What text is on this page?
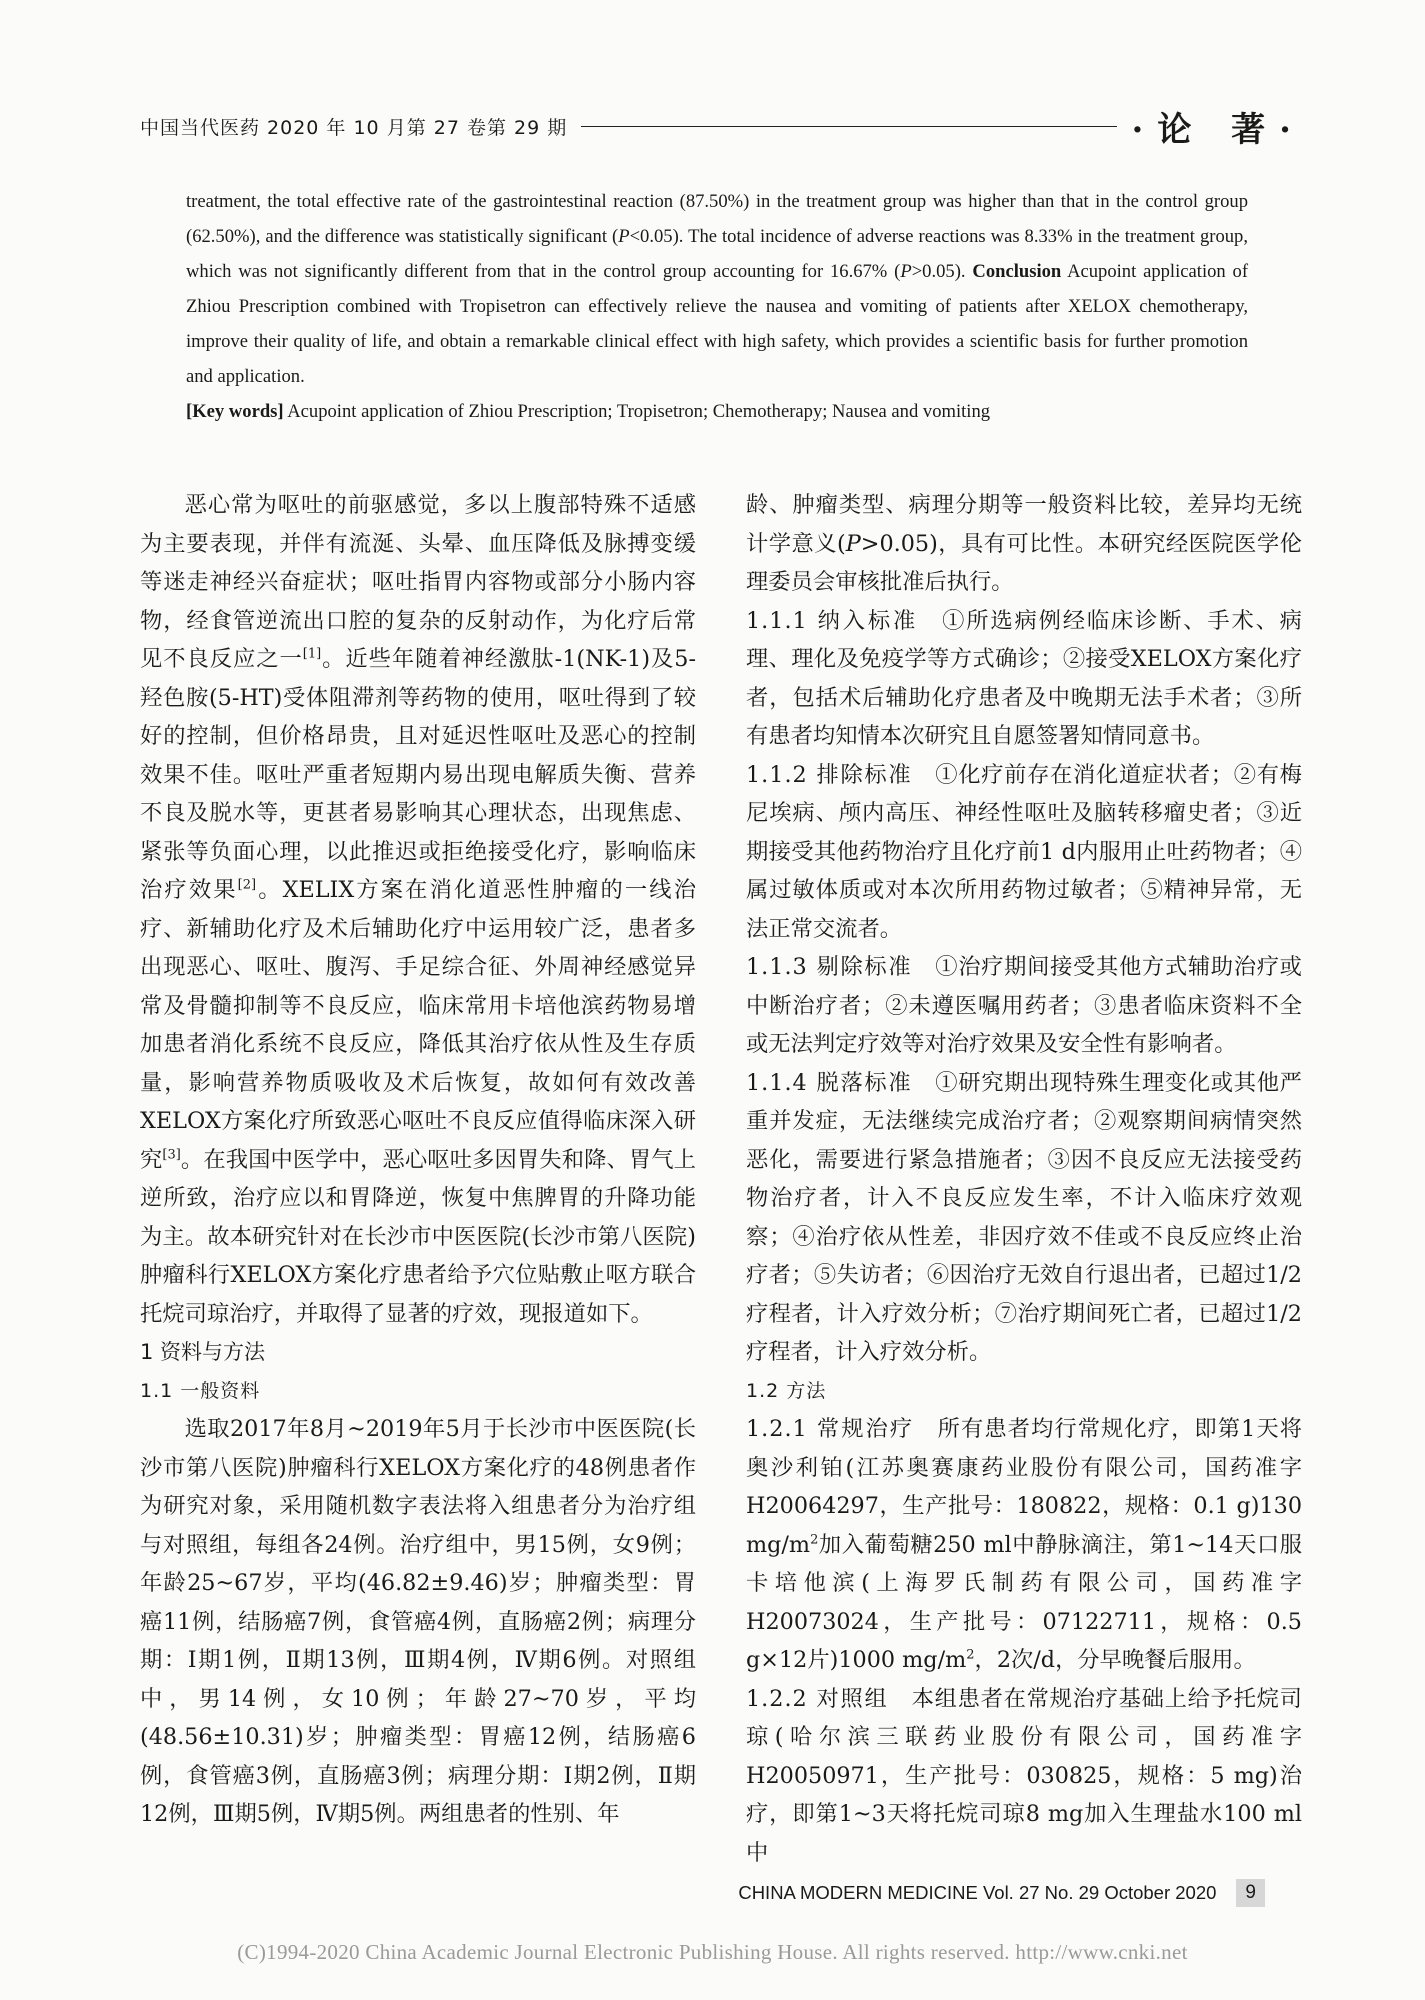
中国当代医药 2020 年 10 月第 27 卷第 29 期	·论 著·

treatment, the total effective rate of the gastrointestinal reaction (87.50%) in the treatment group was higher than that in the control group (62.50%), and the difference was statistically significant (P<0.05). The total incidence of adverse reactions was 8.33% in the treatment group, which was not significantly different from that in the control group accounting for 16.67% (P>0.05). Conclusion Acupoint application of Zhiou Prescription combined with Tropisetron can effectively relieve the nausea and vomiting of patients after XELOX chemotherapy, improve their quality of life, and obtain a remarkable clinical effect with high safety, which provides a scientific basis for further promotion and application.

[Key words] Acupoint application of Zhiou Prescription; Tropisetron; Chemotherapy; Nausea and vomiting

恶心常为呕吐的前驱感觉，多以上腹部特殊不适感为主要表现，并伴有流涎、头晕、血压降低及脉搏变缓等迷走神经兴奋症状；呕吐指胃内容物或部分小肠内容物，经食管逆流出口腔的复杂的反射动作，为化疗后常见不良反应之一[1]。近些年随着神经激肽-1(NK-1)及5-羟色胺(5-HT)受体阻滞剂等药物的使用，呕吐得到了较好的控制，但价格昂贵，且对延迟性呕吐及恶心的控制效果不佳。呕吐严重者短期内易出现电解质失衡、营养不良及脱水等，更甚者易影响其心理状态，出现焦虑、紧张等负面心理，以此推迟或拒绝接受化疗，影响临床治疗效果[2]。XELIX方案在消化道恶性肿瘤的一线治疗、新辅助化疗及术后辅助化疗中运用较广泛，患者多出现恶心、呕吐、腹泻、手足综合征、外周神经感觉异常及骨髓抑制等不良反应，临床常用卡培他滨药物易增加患者消化系统不良反应，降低其治疗依从性及生存质量，影响营养物质吸收及术后恢复，故如何有效改善XELOX方案化疗所致恶心呕吐不良反应值得临床深入研究[3]。在我国中医学中，恶心呕吐多因胃失和降、胃气上逆所致，治疗应以和胃降逆，恢复中焦脾胃的升降功能为主。故本研究针对在长沙市中医医院(长沙市第八医院)肿瘤科行XELOX方案化疗患者给予穴位贴敷止呕方联合托烷司琼治疗，并取得了显著的疗效，现报道如下。

1 资料与方法

1.1 一般资料

选取2017年8月~2019年5月于长沙市中医医院(长沙市第八医院)肿瘤科行XELOX方案化疗的48例患者作为研究对象，采用随机数字表法将入组患者分为治疗组与对照组，每组各24例。治疗组中，男15例，女9例；年龄25~67岁，平均(46.82±9.46)岁；肿瘤类型：胃癌11例，结肠癌7例，食管癌4例，直肠癌2例；病理分期：Ⅰ期1例，Ⅱ期13例，Ⅲ期4例，Ⅳ期6例。对照组中，男14例，女10例；年龄27~70岁，平均(48.56±10.31)岁；肿瘤类型：胃癌12例，结肠癌6例，食管癌3例，直肠癌3例；病理分期：Ⅰ期2例，Ⅱ期12例，Ⅲ期5例，Ⅳ期5例。两组患者的性别、年

龄、肿瘤类型、病理分期等一般资料比较，差异均无统计学意义(P>0.05)，具有可比性。本研究经医院医学伦理委员会审核批准后执行。

1.1.1 纳入标准　 ①所选病例经临床诊断、手术、病理、理化及免疫学等方式确诊；②接受XELOX方案化疗者，包括术后辅助化疗患者及中晚期无法手术者；③所有患者均知情本次研究且自愿签署知情同意书。

1.1.2 排除标准　 ①化疗前存在消化道症状者；②有梅尼埃病、颅内高压、神经性呕吐及脑转移瘤史者；③近期接受其他药物治疗且化疗前1 d内服用止吐药物者；④属过敏体质或对本次所用药物过敏者；⑤精神异常，无法正常交流者。

1.1.3 剔除标准　 ①治疗期间接受其他方式辅助治疗或中断治疗者；②未遵医嘱用药者；③患者临床资料不全或无法判定疗效等对治疗效果及安全性有影响者。

1.1.4 脱落标准　 ①研究期出现特殊生理变化或其他严重并发症，无法继续完成治疗者；②观察期间病情突然恶化，需要进行紧急措施者；③因不良反应无法接受药物治疗者，计入不良反应发生率，不计入临床疗效观察；④治疗依从性差，非因疗效不佳或不良反应终止治疗者；⑤失访者；⑥因治疗无效自行退出者，已超过1/2疗程者，计入疗效分析；⑦治疗期间死亡者，已超过1/2疗程者，计入疗效分析。

1.2 方法

1.2.1 常规治疗　 所有患者均行常规化疗，即第1天将奥沙利铂(江苏奥赛康药业股份有限公司，国药准字H20064297，生产批号：180822，规格：0.1 g)130 $mg/m^2$加入葡萄糖250 ml中静脉滴注，第1~14天口服卡培他滨(上海罗氏制药有限公司，国药准字H20073024，生产批号：07122711，规格：0.5 g×12片)1000 $mg/m^2$，2次/d，分早晚餐后服用。

1.2.2 对照组　 本组患者在常规治疗基础上给予托烷司琼(哈尔滨三联药业股份有限公司，国药准字H20050971，生产批号：030825，规格：5 mg)治疗，即第1~3天将托烷司琼8 mg加入生理盐水100 ml中

CHINA MODERN MEDICINE Vol. 27 No. 29 October 2020	9
(C)1994-2020 China Academic Journal Electronic Publishing House. All rights reserved. http://www.cnki.net
